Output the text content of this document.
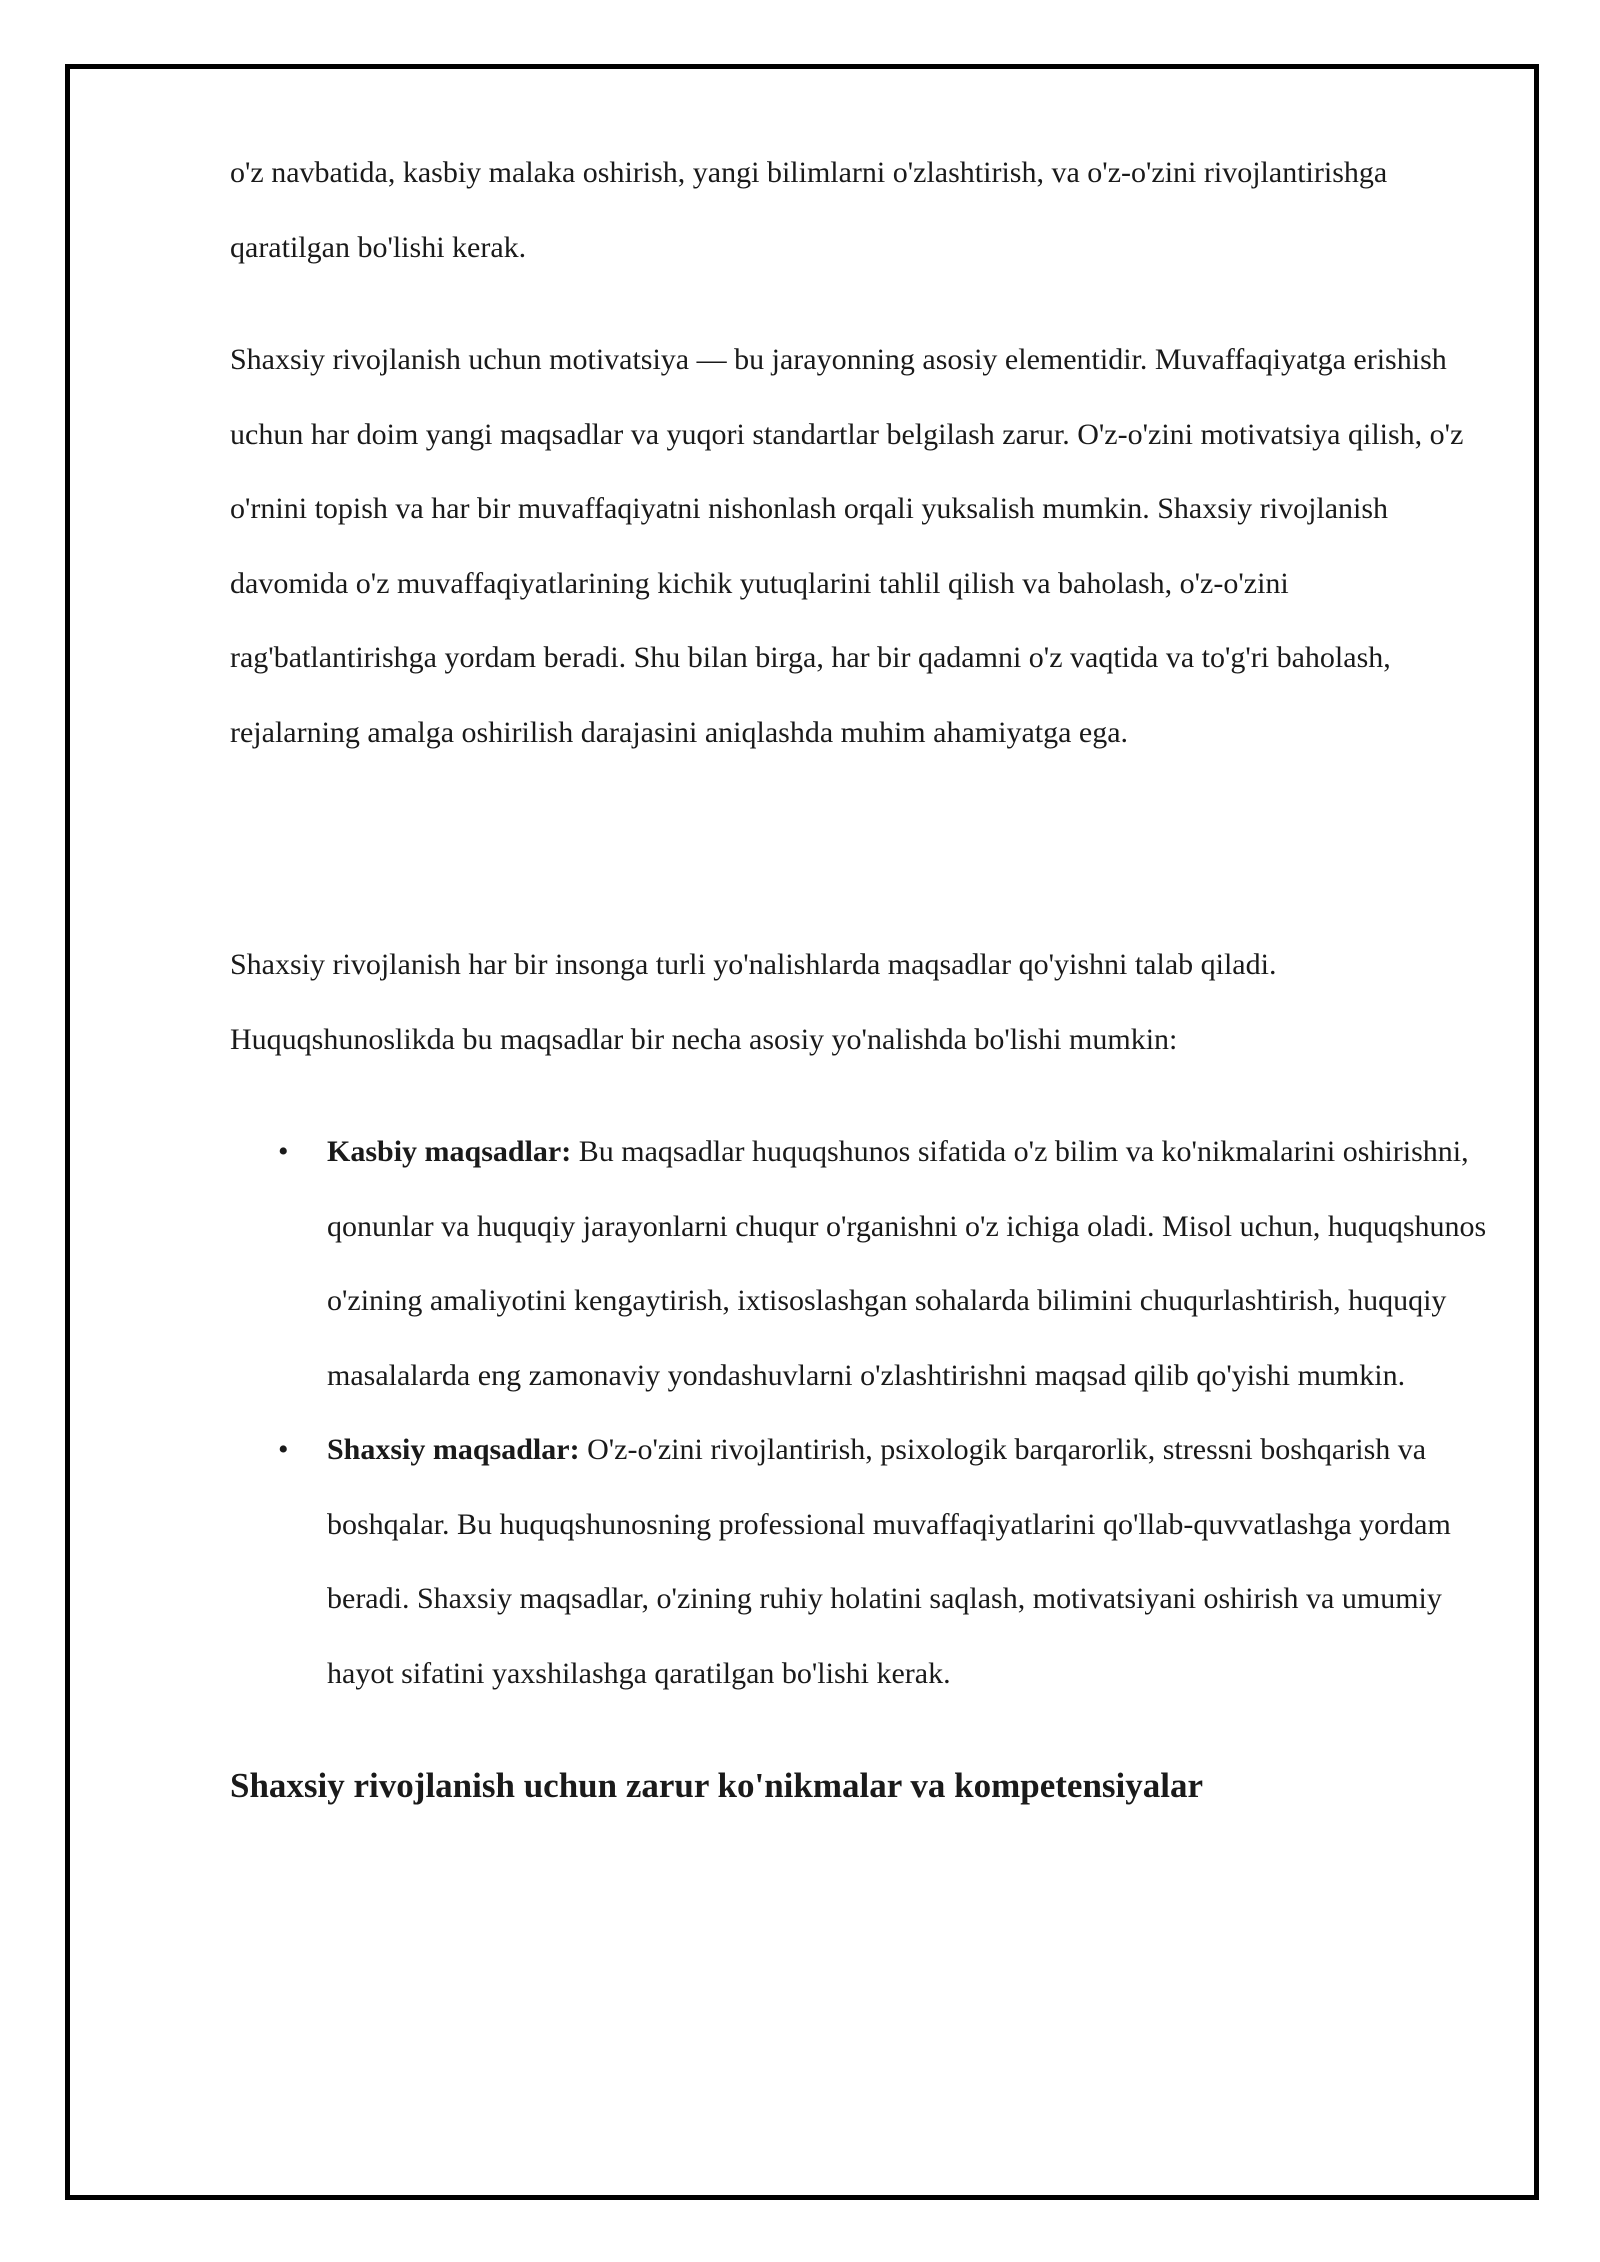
o'z navbatida, kasbiy malaka oshirish, yangi bilimlarni o'zlashtirish, va o'z-o'zini rivojlantirishga qaratilgan bo'lishi kerak.

Shaxsiy rivojlanish uchun motivatsiya — bu jarayonning asosiy elementidir. Muvaffaqiyatga erishish uchun har doim yangi maqsadlar va yuqori standartlar belgilash zarur. O'z-o'zini motivatsiya qilish, o'z o'rnini topish va har bir muvaffaqiyatni nishonlash orqali yuksalish mumkin. Shaxsiy rivojlanish davomida o'z muvaffaqiyatlarining kichik yutuqlarini tahlil qilish va baholash, o'z-o'zini rag'batlantirishga yordam beradi. Shu bilan birga, har bir qadamni o'z vaqtida va to'g'ri baholash, rejalarning amalga oshirilish darajasini aniqlashda muhim ahamiyatga ega.

Shaxsiy rivojlanish har bir insonga turli yo'nalishlarda maqsadlar qo'yishni talab qiladi. Huquqshunoslikda bu maqsadlar bir necha asosiy yo'nalishda bo'lishi mumkin:

• Kasbiy maqsadlar: Bu maqsadlar huquqshunos sifatida o'z bilim va ko'nikmalarini oshirishni, qonunlar va huquqiy jarayonlarni chuqur o'rganishni o'z ichiga oladi. Misol uchun, huquqshunos o'zining amaliyotini kengaytirish, ixtisoslashgan sohalarda bilimini chuqurlashtirish, huquqiy masalalarda eng zamonaviy yondashuvlarni o'zlashtirishni maqsad qilib qo'yishi mumkin.
• Shaxsiy maqsadlar: O'z-o'zini rivojlantirish, psixologik barqarorlik, stressni boshqarish va boshqalar. Bu huquqshunosning professional muvaffaqiyatlarini qo'llab-quvvatlashga yordam beradi. Shaxsiy maqsadlar, o'zining ruhiy holatini saqlash, motivatsiyani oshirish va umumiy hayot sifatini yaxshilashga qaratilgan bo'lishi kerak.
Shaxsiy rivojlanish uchun zarur ko'nikmalar va kompetensiyalar
